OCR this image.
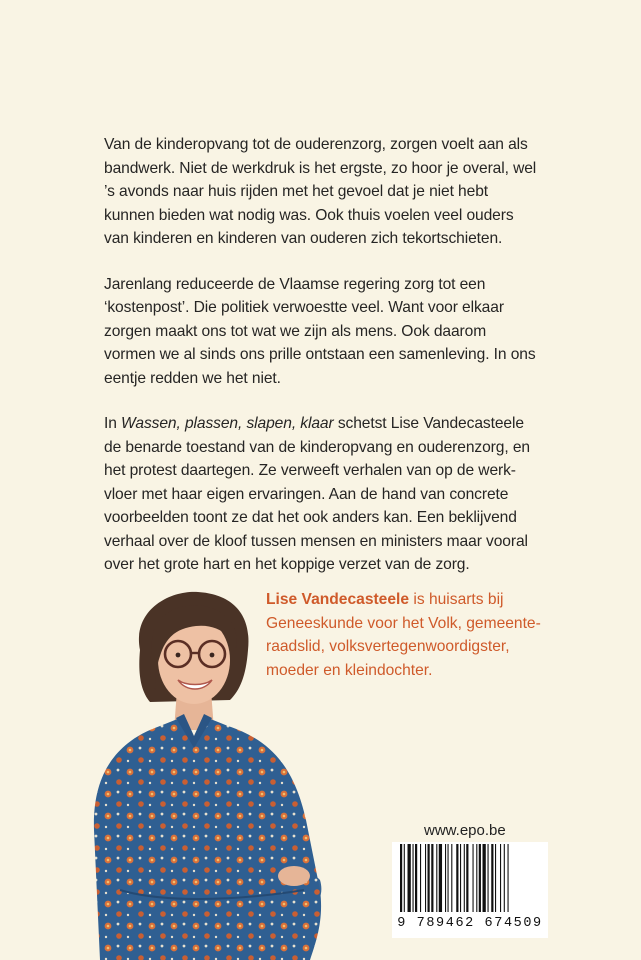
Van de kinderopvang tot de ouderenzorg, zorgen voelt aan als
bandwerk. Niet de werkdruk is het ergste, zo hoor je overal, wel
’s avonds naar huis rijden met het gevoel dat je niet hebt
kunnen bieden wat nodig was. Ook thuis voelen veel ouders
van kinderen en kinderen van ouderen zich tekortschieten.

Jarenlang reduceerde de Vlaamse regering zorg tot een
‘kostenpost’. Die politiek verwoestte veel. Want voor elkaar
zorgen maakt ons tot wat we zijn als mens. Ook daarom
vormen we al sinds ons prille ontstaan een samenleving. In ons
eentje redden we het niet.

In Wassen, plassen, slapen, klaar schetst Lise Vandecasteele
de benarde toestand van de kinderopvang en ouderenzorg, en
het protest daartegen. Ze verweeft verhalen van op de werk-
vloer met haar eigen ervaringen. Aan de hand van concrete
voorbeelden toont ze dat het ook anders kan. Een beklijvend
verhaal over de kloof tussen mensen en ministers maar vooral
over het grote hart en het koppige verzet van de zorg.

Lise Vandecasteele is huisarts bij
Geneeskunde voor het Volk, gemeente-
raadslid, volksvertegenwoordigster,
moeder en kleindochter.
www.epo.be
9 789462 674509
